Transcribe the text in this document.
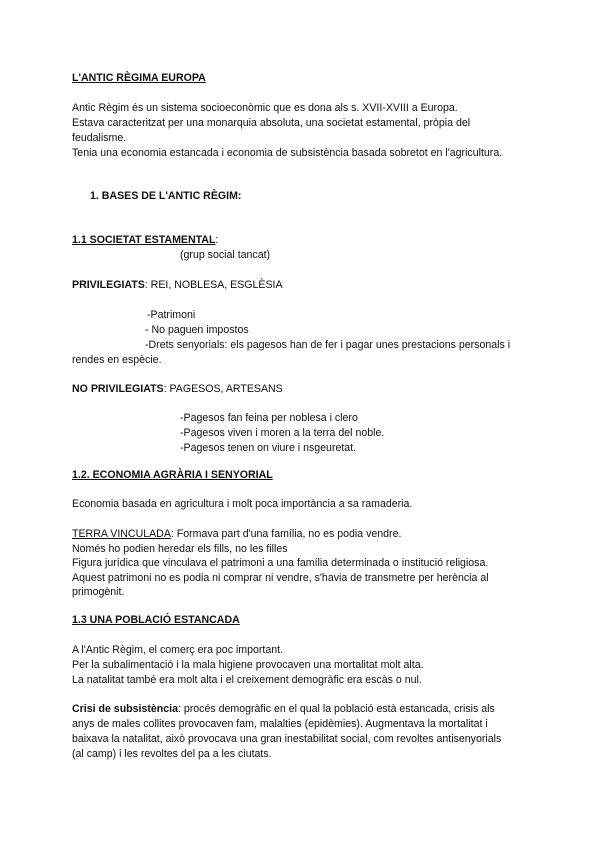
L'ANTIC RÈGIMA EUROPA
Antic Règim és un sistema socioeconòmic que es dona als s. XVII-XVIII a Europa.
Estava caracteritzat per una monarquia absoluta, una societat estamental, pròpia del
feudalisme.
Tenia una economia estancada i economia de subsistència basada sobretot en l'agricultura.
1. BASES DE L'ANTIC RÈGIM:
1.1 SOCIETAT ESTAMENTAL:
(grup social tancat)
PRIVILEGIATS: REI, NOBLESA, ESGLÈSIA
-Patrimoni
- No paguen impostos
-Drets senyorials: els pagesos han de fer i pagar unes prestacions personals i
rendes en espècie.
NO PRIVILEGIATS: PAGESOS, ARTESANS
-Pagesos fan feina per noblesa i clero
-Pagesos viven i moren a la terra del noble.
-Pagesos tenen on viure i nsgeuretat.
1.2. ECONOMIA AGRÀRIA I SENYORIAL
Economia basada en agricultura i molt poca importància a sa ramaderia.
TERRA VINCULADA: Formava part d'una família, no es podia vendre.
Només ho podien heredar els fills, no les filles
Figura jurídica que vinculava el patrimoni a una família determinada o institució religiosa.
Aquest patrimoni no es podia ni comprar ni vendre, s'havia de transmetre per herència al
primogènit.
1.3 UNA POBLACIÓ ESTANCADA
A l'Antic Règim, el comerç era poc important.
Per la subalimentació i la mala higiene provocaven una mortalitat molt alta.
La natalitat també era molt alta i el creixement demogràfic era escàs o nul.
Crisi de subsistència: procés demogràfic en el qual la població està estancada, crisis als
anys de males collites provocaven fam, malalties (epidèmies). Augmentava la mortalitat i
baixava la natalitat, això provocava una gran inestabilitat social, com revoltes antisenyorials
(al camp) i les revoltes del pa a les ciutats.
